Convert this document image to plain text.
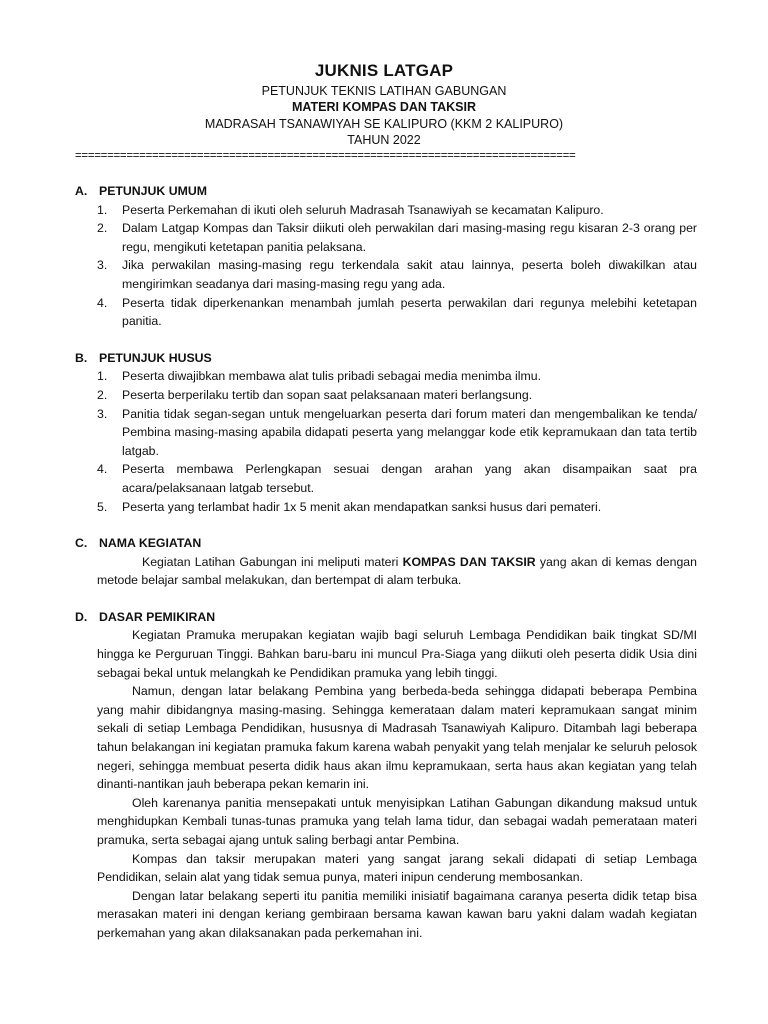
JUKNIS LATGAP
PETUNJUK TEKNIS LATIHAN GABUNGAN
MATERI KOMPAS DAN TAKSIR
MADRASAH TSANAWIYAH SE KALIPURO (KKM 2 KALIPURO)
TAHUN 2022
==============================================================================
A. PETUNJUK UMUM
1.	Peserta Perkemahan di ikuti oleh seluruh Madrasah Tsanawiyah se kecamatan Kalipuro.
2.	Dalam Latgap Kompas dan Taksir diikuti oleh perwakilan dari masing-masing regu kisaran 2-3 orang per regu, mengikuti ketetapan panitia pelaksana.
3.	Jika perwakilan masing-masing regu terkendala sakit atau lainnya, peserta boleh diwakilkan atau mengirimkan seadanya dari masing-masing regu yang ada.
4.	Peserta tidak diperkenankan menambah jumlah peserta perwakilan dari regunya melebihi ketetapan panitia.
B. PETUNJUK HUSUS
1.	Peserta diwajibkan membawa alat tulis pribadi sebagai media menimba ilmu.
2.	Peserta berperilaku tertib dan sopan saat pelaksanaan materi berlangsung.
3.	Panitia tidak segan-segan untuk mengeluarkan peserta dari forum materi dan mengembalikan ke tenda/ Pembina masing-masing apabila didapati peserta yang melanggar kode etik kepramukaan dan tata tertib latgab.
4.	Peserta membawa Perlengkapan sesuai dengan arahan yang akan disampaikan saat pra acara/pelaksanaan latgab tersebut.
5.	Peserta yang terlambat hadir 1x 5 menit akan mendapatkan sanksi husus dari pemateri.
C. NAMA KEGIATAN
Kegiatan Latihan Gabungan ini meliputi materi KOMPAS DAN TAKSIR yang akan di kemas dengan metode belajar sambal melakukan, dan bertempat di alam terbuka.
D. DASAR PEMIKIRAN
Kegiatan Pramuka merupakan kegiatan wajib bagi seluruh Lembaga Pendidikan baik tingkat SD/MI hingga ke Perguruan Tinggi. Bahkan baru-baru ini muncul Pra-Siaga yang diikuti oleh peserta didik Usia dini sebagai bekal untuk melangkah ke Pendidikan pramuka yang lebih tinggi.
Namun, dengan latar belakang Pembina yang berbeda-beda sehingga didapati beberapa Pembina yang mahir dibidangnya masing-masing. Sehingga kemerataan dalam materi kepramukaan sangat minim sekali di setiap Lembaga Pendidikan, hususnya di Madrasah Tsanawiyah Kalipuro. Ditambah lagi beberapa tahun belakangan ini kegiatan pramuka fakum karena wabah penyakit yang telah menjalar ke seluruh pelosok negeri, sehingga membuat peserta didik haus akan ilmu kepramukaan, serta haus akan kegiatan yang telah dinanti-nantikan jauh beberapa pekan kemarin ini.
Oleh karenanya panitia mensepakati untuk menyisipkan Latihan Gabungan dikandung maksud untuk menghidupkan Kembali tunas-tunas pramuka yang telah lama tidur, dan sebagai wadah pemerataan materi pramuka, serta sebagai ajang untuk saling berbagi antar Pembina.
Kompas dan taksir merupakan materi yang sangat jarang sekali didapati di setiap Lembaga Pendidikan, selain alat yang tidak semua punya, materi inipun cenderung membosankan.
Dengan latar belakang seperti itu panitia memiliki inisiatif bagaimana caranya peserta didik tetap bisa merasakan materi ini dengan keriang gembiraan bersama kawan kawan baru yakni dalam wadah kegiatan perkemahan yang akan dilaksanakan pada perkemahan ini.
